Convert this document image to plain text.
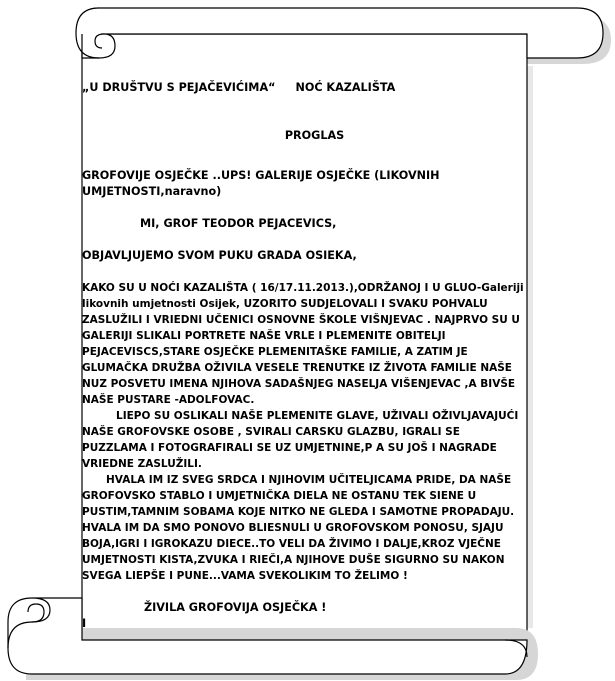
„U DRUŠTVU S PEJAČEVIĆIMA“ NOĆ KAZALIŠTA

PROGLAS

GROFOVIJE OSJEČKE ..UPS! GALERIJE OSJEČKE (LIKOVNIH UMJETNOSTI,naravno)

MI, GROF TEODOR PEJACEVICS,

OBJAVLJUJEMO SVOM PUKU GRADA OSIEKA,

KAKO SU U NOĆI KAZALIŠTA ( 16/17.11.2013.),ODRŽANOJ I U GLUO-Galeriji likovnih umjetnosti Osijek, UZORITO SUDJELOVALI I SVAKU POHVALU ZASLUŽILI I VRIEDNI UČENICI OSNOVNE ŠKOLE VIŠNJEVAC . NAJPRVO SU U GALERIJI SLIKALI PORTRETE NAŠE VRLE I PLEMENITE OBITELJI PEJACEVISCS,STARE OSJEČKE PLEMENITAŠKE FAMILIE, A ZATIM JE GLUMAČKA DRUŽBA OŽIVILA VESELE TRENUTKE IZ ŽIVOTA FAMILIE NAŠE NUZ POSVETU IMENA NJIHOVA SADAŠNJEG NASELJA VIŠENJEVAC ,A BIVŠE NAŠE PUSTARE -ADOLFOVAC.

LIEPO SU OSLIKALI NAŠE PLEMENITE GLAVE, UŽIVALI OŽIVLJAVAJUĆI NAŠE GROFOVSKE OSOBE , SVIRALI CARSKU GLAZBU, IGRALI SE PUZZLAMA I FOTOGRAFIRALI SE UZ UMJETNINE,P A SU JOŠ I NAGRADE VRIEDNE ZASLUŽILI.

HVALA IM IZ SVEG SRDCA I NJIHOVIM UČITELJICAMA PRIDE, DA NAŠE GROFOVSKO STABLO I UMJETNIČKA DIELA NE OSTANU TEK SIENE U PUSTIM,TAMNIM SOBAMA KOJE NITKO NE GLEDA I SAMOTNE PROPADAJU.

HVALA IM DA SMO PONOVO BLIESNULI U GROFOVSKOM PONOSU, SJAJU BOJA,IGRI I IGROKAZU DIECE..TO VELI DA ŽIVIMO I DALJE,KROZ VJEČNE UMJETNOSTI KISTA,ZVUKA I RIEČI,A NJIHOVE DUŠE SIGURNO SU NAKON SVEGA LIEPŠE I PUNE...VAMA SVEKOLIKIM TO ŽELIMO !

ŽIVILA GROFOVIJA OSJEČKA !

I
